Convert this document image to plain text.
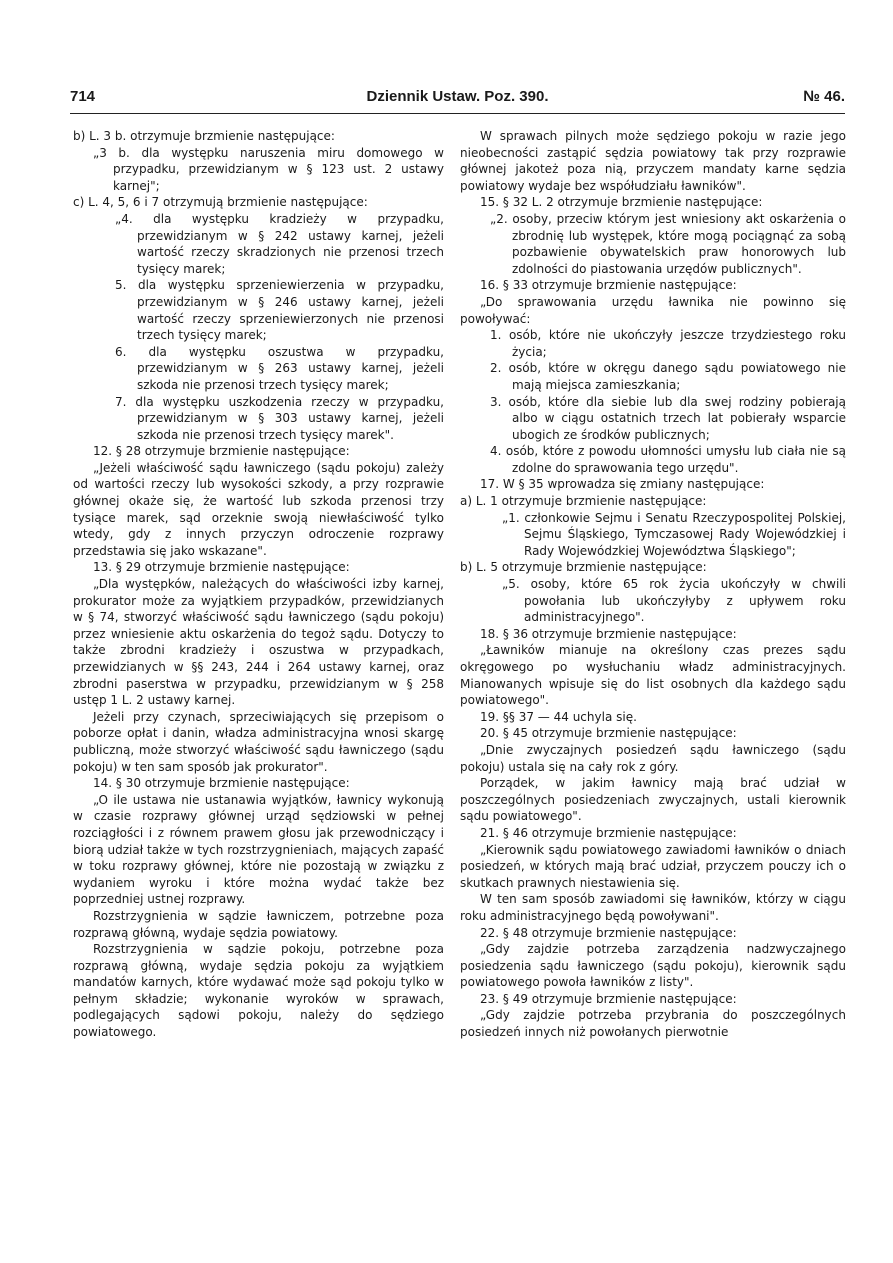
714	Dziennik Ustaw. Poz. 390.	№ 46.

b) L. 3 b. otrzymuje brzmienie następujące:

„3 b. dla występku naruszenia miru domowego w przypadku, przewidzianym w § 123 ust. 2 ustawy karnej";

c) L. 4, 5, 6 i 7 otrzymują brzmienie następujące:

„4. dla występku kradzieży w przypadku, przewidzianym w § 242 ustawy karnej, jeżeli wartość rzeczy skradzionych nie przenosi trzech tysięcy marek;

5. dla występku sprzeniewierzenia w przypadku, przewidzianym w § 246 ustawy karnej, jeżeli wartość rzeczy sprzeniewierzonych nie przenosi trzech tysięcy marek;

6. dla występku oszustwa w przypadku, przewidzianym w § 263 ustawy karnej, jeżeli szkoda nie przenosi trzech tysięcy marek;

7. dla występku uszkodzenia rzeczy w przypadku, przewidzianym w § 303 ustawy karnej, jeżeli szkoda nie przenosi trzech tysięcy marek".

12. § 28 otrzymuje brzmienie następujące:

„Jeżeli właściwość sądu ławniczego (sądu pokoju) zależy od wartości rzeczy lub wysokości szkody, a przy rozprawie głównej okaże się, że wartość lub szkoda przenosi trzy tysiące marek, sąd orzeknie swoją niewłaściwość tylko wtedy, gdy z innych przyczyn odroczenie rozprawy przedstawia się jako wskazane".

13. § 29 otrzymuje brzmienie następujące:

„Dla występków, należących do właściwości izby karnej, prokurator może za wyjątkiem przypadków, przewidzianych w § 74, stworzyć właściwość sądu ławniczego (sądu pokoju) przez wniesienie aktu oskarżenia do tegoż sądu. Dotyczy to także zbrodni kradzieży i oszustwa w przypadkach, przewidzianych w §§ 243, 244 i 264 ustawy karnej, oraz zbrodni paserstwa w przypadku, przewidzianym w § 258 ustęp 1 L. 2 ustawy karnej.

Jeżeli przy czynach, sprzeciwiających się przepisom o poborze opłat i danin, władza administracyjna wnosi skargę publiczną, może stworzyć właściwość sądu ławniczego (sądu pokoju) w ten sam sposób jak prokurator".

14. § 30 otrzymuje brzmienie następujące:

„O ile ustawa nie ustanawia wyjątków, ławnicy wykonują w czasie rozprawy głównej urząd sędziowski w pełnej rozciągłości i z równem prawem głosu jak przewodniczący i biorą udział także w tych rozstrzygnieniach, mających zapaść w toku rozprawy głównej, które nie pozostają w związku z wydaniem wyroku i które można wydać także bez poprzedniej ustnej rozprawy.

Rozstrzygnienia w sądzie ławniczem, potrzebne poza rozprawą główną, wydaje sędzia powiatowy.

Rozstrzygnienia w sądzie pokoju, potrzebne poza rozprawą główną, wydaje sędzia pokoju za wyjątkiem mandatów karnych, które wydawać może sąd pokoju tylko w pełnym składzie; wykonanie wyroków w sprawach, podlegających sądowi pokoju, należy do sędziego powiatowego.

W sprawach pilnych może sędziego pokoju w razie jego nieobecności zastąpić sędzia powiatowy tak przy rozprawie głównej jakoteż poza nią, przyczem mandaty karne sędzia powiatowy wydaje bez współudziału ławników".

15. § 32 L. 2 otrzymuje brzmienie następujące:

„2. osoby, przeciw którym jest wniesiony akt oskarżenia o zbrodnię lub występek, które mogą pociągnąć za sobą pozbawienie obywatelskich praw honorowych lub zdolności do piastowania urzędów publicznych".

16. § 33 otrzymuje brzmienie następujące:

„Do sprawowania urzędu ławnika nie powinno się powoływać:

1. osób, które nie ukończyły jeszcze trzydziestego roku życia;

2. osób, które w okręgu danego sądu powiatowego nie mają miejsca zamieszkania;

3. osób, które dla siebie lub dla swej rodziny pobierają albo w ciągu ostatnich trzech lat pobierały wsparcie ubogich ze środków publicznych;

4. osób, które z powodu ułomności umysłu lub ciała nie są zdolne do sprawowania tego urzędu".

17. W § 35 wprowadza się zmiany następujące:

a) L. 1 otrzymuje brzmienie następujące:

„1. członkowie Sejmu i Senatu Rzeczypospolitej Polskiej, Sejmu Śląskiego, Tymczasowej Rady Wojewódzkiej i Rady Wojewódzkiej Województwa Śląskiego";

b) L. 5 otrzymuje brzmienie następujące:

„5. osoby, które 65 rok życia ukończyły w chwili powołania lub ukończyłyby z upływem roku administracyjnego".

18. § 36 otrzymuje brzmienie następujące:

„Ławników mianuje na określony czas prezes sądu okręgowego po wysłuchaniu władz administracyjnych. Mianowanych wpisuje się do list osobnych dla każdego sądu powiatowego".

19. §§ 37 — 44 uchyla się.

20. § 45 otrzymuje brzmienie następujące:

„Dnie zwyczajnych posiedzeń sądu ławniczego (sądu pokoju) ustala się na cały rok z góry.

Porządek, w jakim ławnicy mają brać udział w poszczególnych posiedzeniach zwyczajnych, ustali kierownik sądu powiatowego".

21. § 46 otrzymuje brzmienie następujące:

„Kierownik sądu powiatowego zawiadomi ławników o dniach posiedzeń, w których mają brać udział, przyczem pouczy ich o skutkach prawnych niestawienia się.

W ten sam sposób zawiadomi się ławników, którzy w ciągu roku administracyjnego będą powoływani".

22. § 48 otrzymuje brzmienie następujące:

„Gdy zajdzie potrzeba zarządzenia nadzwyczajnego posiedzenia sądu ławniczego (sądu pokoju), kierownik sądu powiatowego powoła ławników z listy".

23. § 49 otrzymuje brzmienie następujące:

„Gdy zajdzie potrzeba przybrania do poszczególnych posiedzeń innych niż powołanych pierwotnie
